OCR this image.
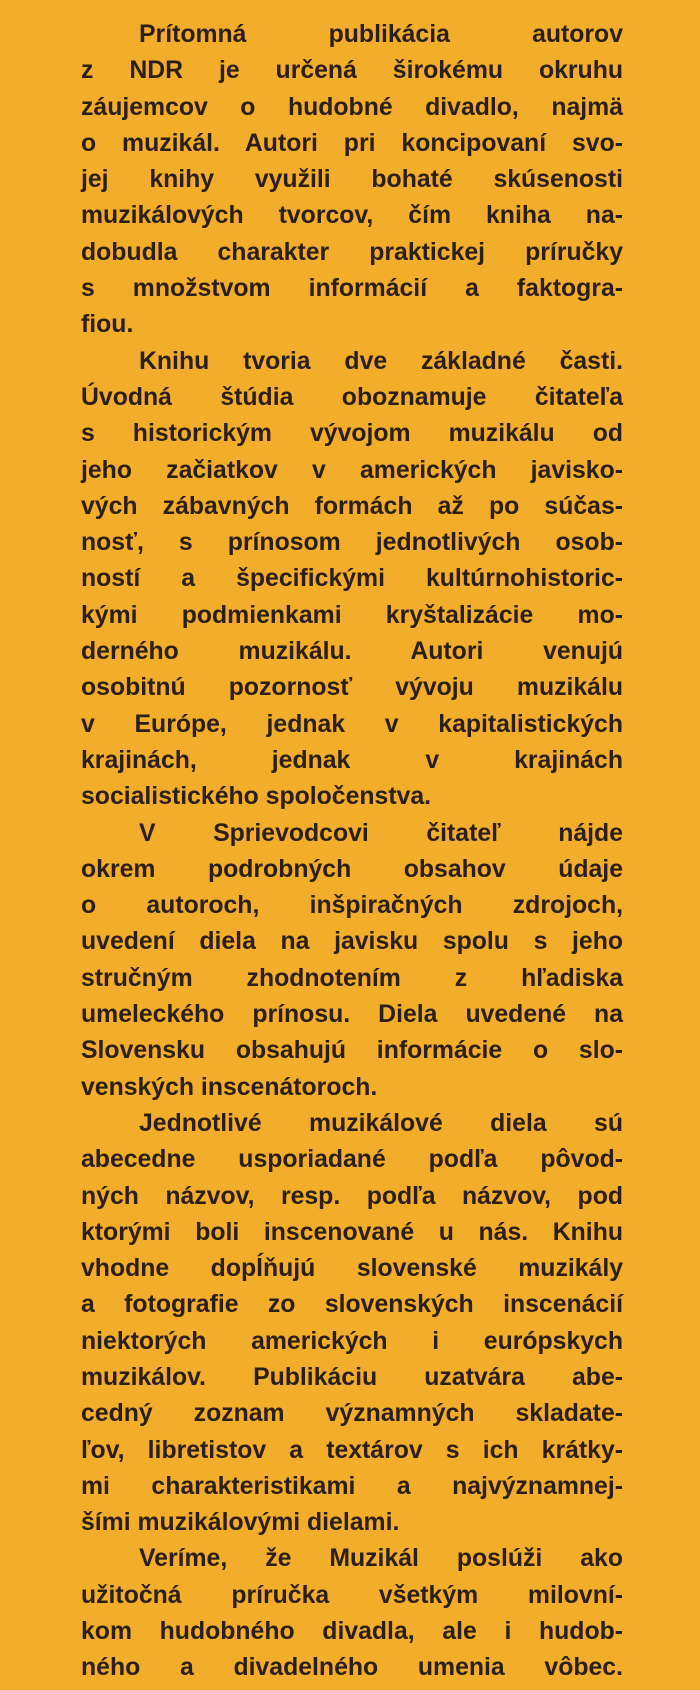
Prítomná publikácia autorov
z NDR je určená širokému okruhu
záujemcov o hudobné divadlo, najmä
o muzikál. Autori pri koncipovaní svo-
jej knihy využili bohaté skúsenosti
muzikálových tvorcov, čím kniha na-
dobudla charakter praktickej príručky
s množstvom informácií a faktogra-
fiou.

Knihu tvoria dve základné časti.
Úvodná štúdia oboznamuje čitateľa
s historickým vývojom muzikálu od
jeho začiatkov v amerických javisko-
vých zábavných formách až po súčas-
nosť, s prínosom jednotlivých osob-
ností a špecifickými kultúrnohistoric-
kými podmienkami kryštalizácie mo-
derného muzikálu. Autori venujú
osobitnú pozornosť vývoju muzikálu
v Európe, jednak v kapitalistických
krajinách, jednak v krajinách
socialistického spoločenstva.

V Sprievodcovi čitateľ nájde
okrem podrobných obsahov údaje
o autoroch, inšpiračných zdrojoch,
uvedení diela na javisku spolu s jeho
stručným zhodnotením z hľadiska
umeleckého prínosu. Diela uvedené na
Slovensku obsahujú informácie o slo-
venských inscenátoroch.

Jednotlivé muzikálové diela sú
abecedne usporiadané podľa pôvod-
ných názvov, resp. podľa názvov, pod
ktorými boli inscenované u nás. Knihu
vhodne dopĺňujú slovenské muzikály
a fotografie zo slovenských inscenácií
niektorých amerických i európskych
muzikálov. Publikáciu uzatvára abe-
cedný zoznam významných skladate-
ľov, libretistov a textárov s ich krátky-
mi charakteristikami a najvýznamnej-
šími muzikálovými dielami.

Veríme, že Muzikál poslúži ako
užitočná príručka všetkým milovní-
kom hudobného divadla, ale i hudob-
ného a divadelného umenia vôbec.
